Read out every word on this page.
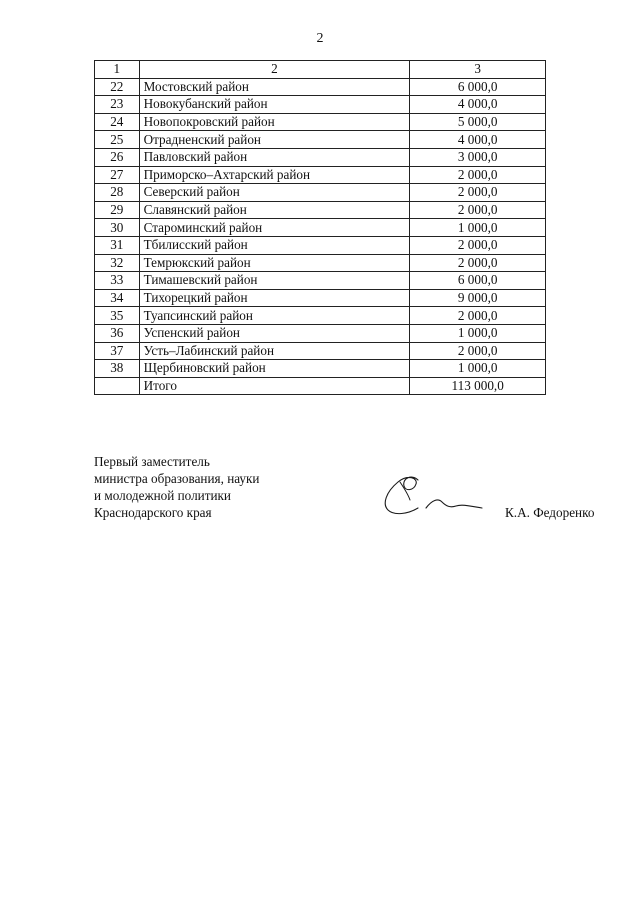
2
1	2	3
22	Мостовский район	6 000,0
23	Новокубанский район	4 000,0
24	Новопокровский район	5 000,0
25	Отрадненский район	4 000,0
26	Павловский район	3 000,0
27	Приморско–Ахтарский район	2 000,0
28	Северский район	2 000,0
29	Славянский район	2 000,0
30	Староминский район	1 000,0
31	Тбилисский район	2 000,0
32	Темрюкский район	2 000,0
33	Тимашевский район	6 000,0
34	Тихорецкий район	9 000,0
35	Туапсинский район	2 000,0
36	Успенский район	1 000,0
37	Усть–Лабинский район	2 000,0
38	Щербиновский район	1 000,0
	Итого	113 000,0
Первый заместитель
министра образования, науки
и молодежной политики
Краснодарского края	К.А. Федоренко
